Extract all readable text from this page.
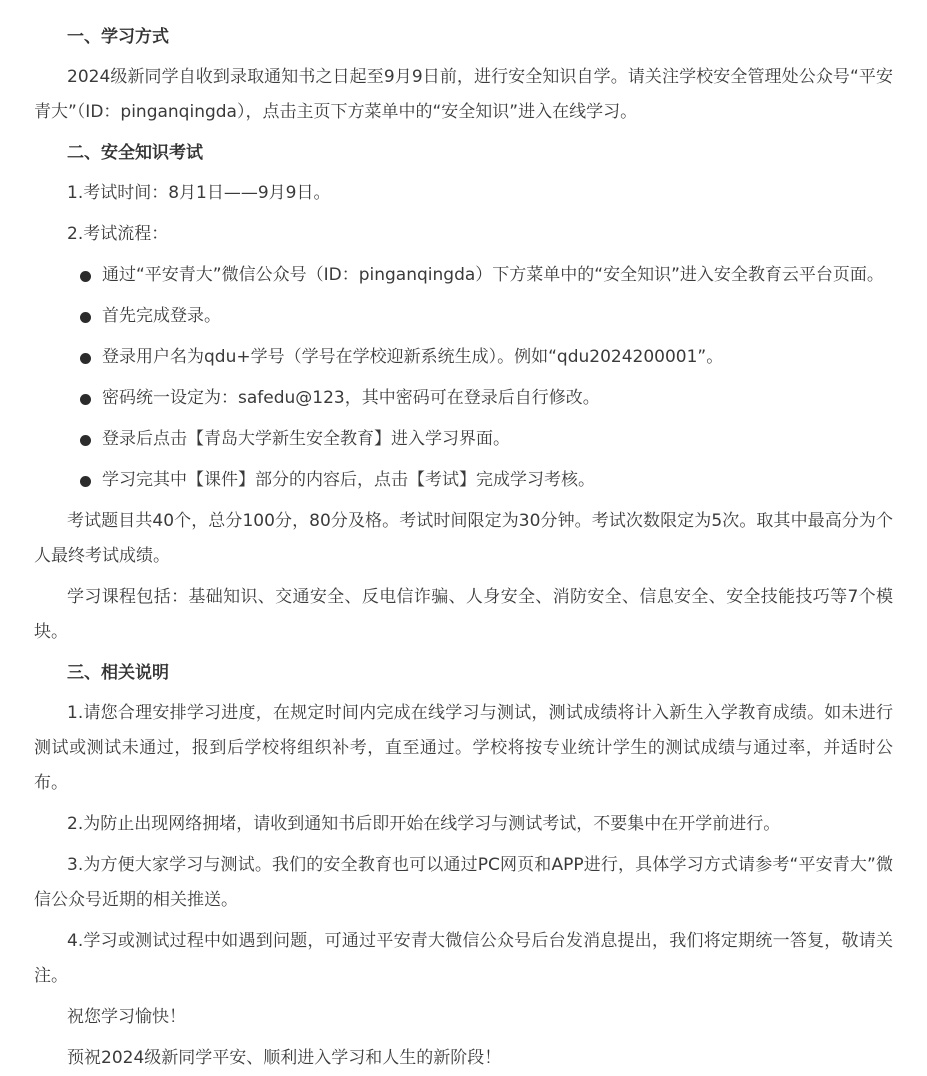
一、学习方式
2024级新同学自收到录取通知书之日起至9月9日前，进行安全知识自学。请关注学校安全管理处公众号“平安青大”（ID：pinganqingda），点击主页下方菜单中的“安全知识”进入在线学习。
二、安全知识考试
1.考试时间：8月1日——9月9日。
2.考试流程：
通过“平安青大”微信公众号（ID：pinganqingda）下方菜单中的“安全知识”进入安全教育云平台页面。
首先完成登录。
登录用户名为qdu+学号（学号在学校迎新系统生成）。例如“qdu2024200001”。
密码统一设定为：safedu@123，其中密码可在登录后自行修改。
登录后点击【青岛大学新生安全教育】进入学习界面。
学习完其中【课件】部分的内容后，点击【考试】完成学习考核。
考试题目共40个，总分100分，80分及格。考试时间限定为30分钟。考试次数限定为5次。取其中最高分为个人最终考试成绩。
学习课程包括：基础知识、交通安全、反电信诈骗、人身安全、消防安全、信息安全、安全技能技巧等7个模块。
三、相关说明
1.请您合理安排学习进度，在规定时间内完成在线学习与测试，测试成绩将计入新生入学教育成绩。如未进行测试或测试未通过，报到后学校将组织补考，直至通过。学校将按专业统计学生的测试成绩与通过率，并适时公布。
2.为防止出现网络拥堵，请收到通知书后即开始在线学习与测试考试，不要集中在开学前进行。
3.为方便大家学习与测试。我们的安全教育也可以通过PC网页和APP进行，具体学习方式请参考“平安青大”微信公众号近期的相关推送。
4.学习或测试过程中如遇到问题，可通过平安青大微信公众号后台发消息提出，我们将定期统一答复，敬请关注。
祝您学习愉快！
预祝2024级新同学平安、顺利进入学习和人生的新阶段！
